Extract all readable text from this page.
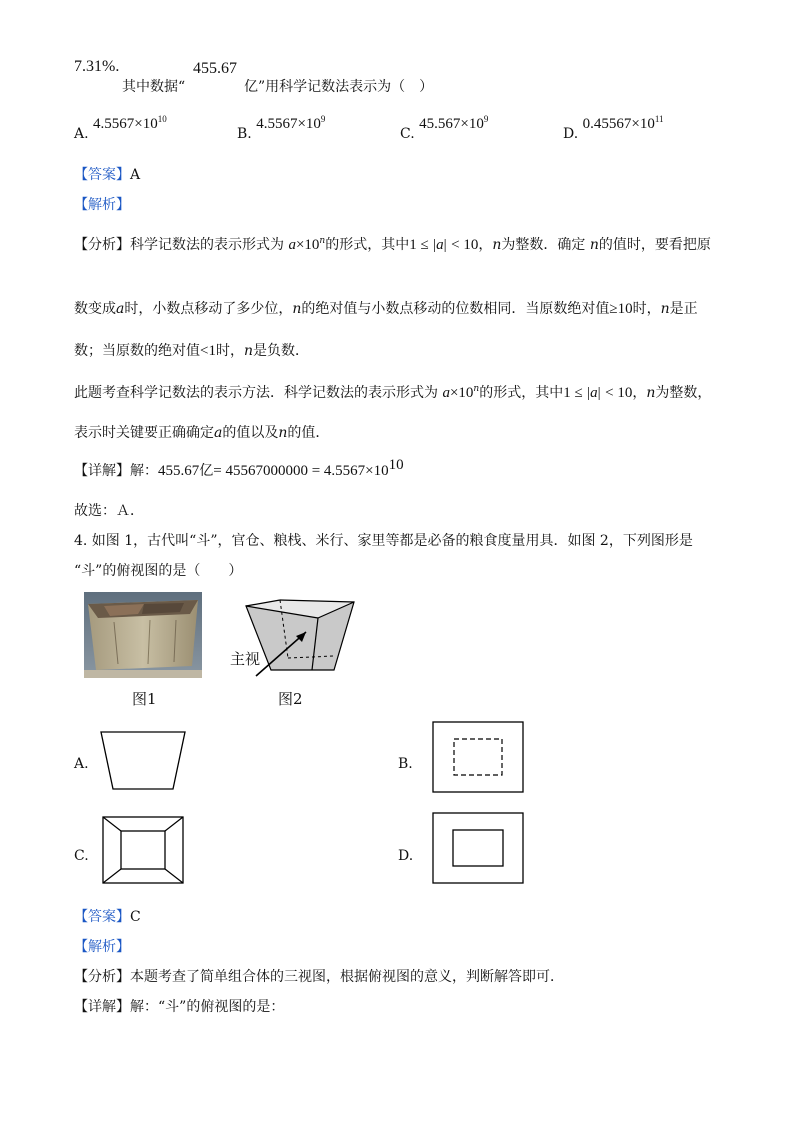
7.31%.
其中数据“
455.67
亿”用科学记数法表示为（　）
A. $4.5567\times 10^{10}$
B. $4.5567\times 10^9$
C. $45.567\times 10^9$
D. $0.45567\times 10^{11}$
【答案】A
【解析】
【分析】科学记数法的表示形式为 $a\times 10^n$的形式，其中1 ≤ |a| < 10，n为整数．确定 n的值时，要看把原
数变成a时，小数点移动了多少位，n的绝对值与小数点移动的位数相同．当原数绝对值≥10时，n是正
数；当原数的绝对值<1时，n是负数．
此题考查科学记数法的表示方法．科学记数法的表示形式为 $a\times 10^n$的形式，其中1 ≤ |a| < 10，n为整数，
表示时关键要正确确定a的值以及n的值．
【详解】解：455.67亿= $45567000000 = 4.5567\times 10^{10}$
故选：Ａ．
4. 如图 1，古代叫“斗”，官仓、粮栈、米行、家里等都是必备的粮食度量用具．如图 2，下列图形是
“斗”的俯视图的是（　　）
图1
主视
图2
A.	B.
C.	D.
【答案】C
【解析】
【分析】本题考查了简单组合体的三视图，根据俯视图的意义，判断解答即可．
【详解】解：“斗”的俯视图的是：
